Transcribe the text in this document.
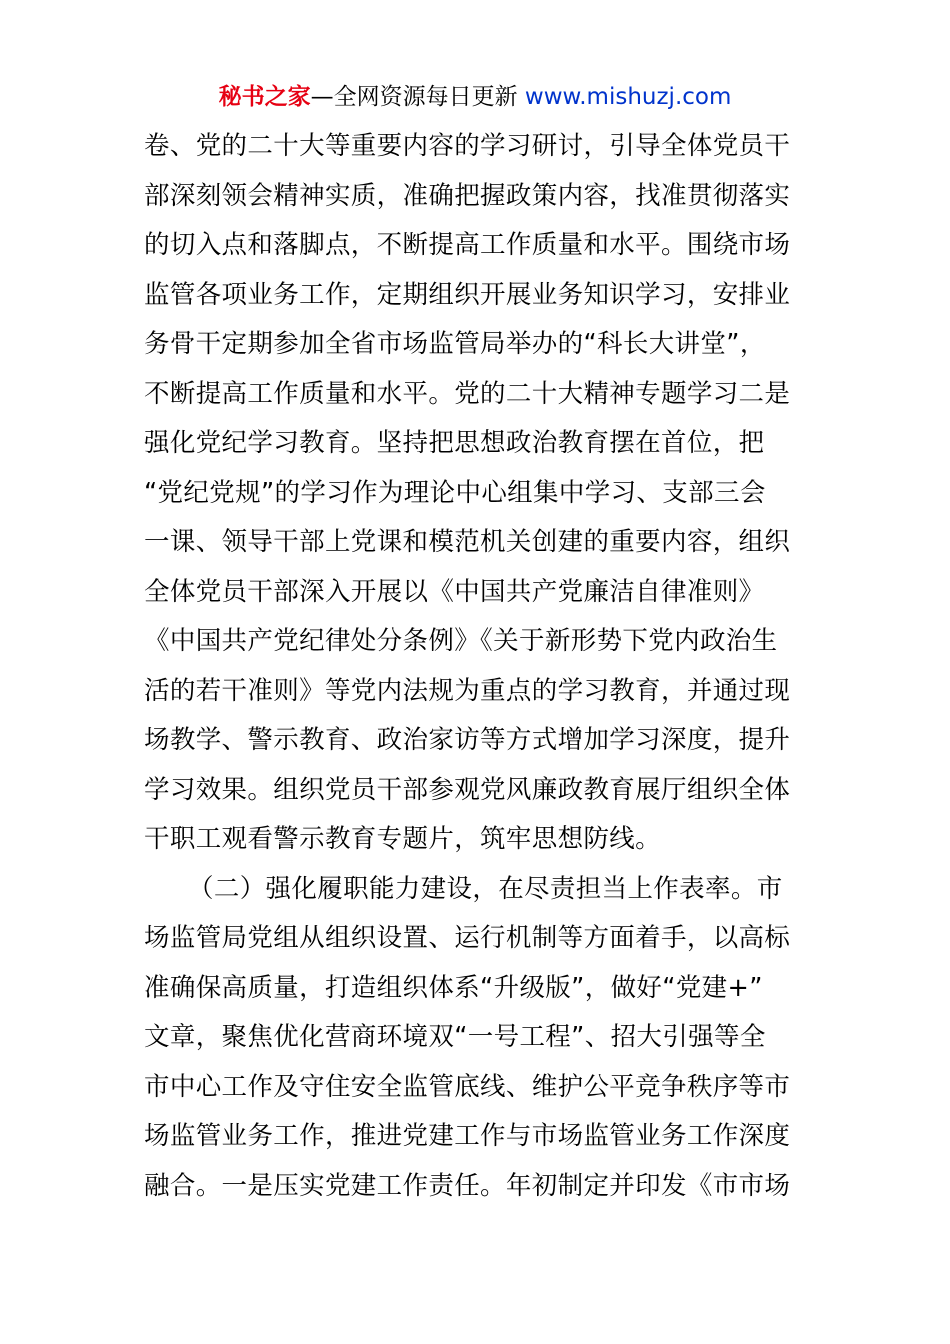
秘书之家—全网资源每日更新 www.mishuzj.com
卷、党的二十大等重要内容的学习研讨，引导全体党员干
部深刻领会精神实质，准确把握政策内容，找准贯彻落实
的切入点和落脚点，不断提高工作质量和水平。围绕市场
监管各项业务工作，定期组织开展业务知识学习，安排业
务骨干定期参加全省市场监管局举办的“科长大讲堂”，
不断提高工作质量和水平。党的二十大精神专题学习二是
强化党纪学习教育。坚持把思想政治教育摆在首位，把
“党纪党规”的学习作为理论中心组集中学习、支部三会
一课、领导干部上党课和模范机关创建的重要内容，组织
全体党员干部深入开展以《中国共产党廉洁自律准则》
《中国共产党纪律处分条例》《关于新形势下党内政治生
活的若干准则》等党内法规为重点的学习教育，并通过现
场教学、警示教育、政治家访等方式增加学习深度，提升
学习效果。组织党员干部参观党风廉政教育展厅组织全体
干职工观看警示教育专题片，筑牢思想防线。
（二）强化履职能力建设，在尽责担当上作表率。市
场监管局党组从组织设置、运行机制等方面着手，以高标
准确保高质量，打造组织体系“升级版”，做好“党建+”
文章，聚焦优化营商环境双“一号工程”、招大引强等全
市中心工作及守住安全监管底线、维护公平竞争秩序等市
场监管业务工作，推进党建工作与市场监管业务工作深度
融合。一是压实党建工作责任。年初制定并印发《市市场
